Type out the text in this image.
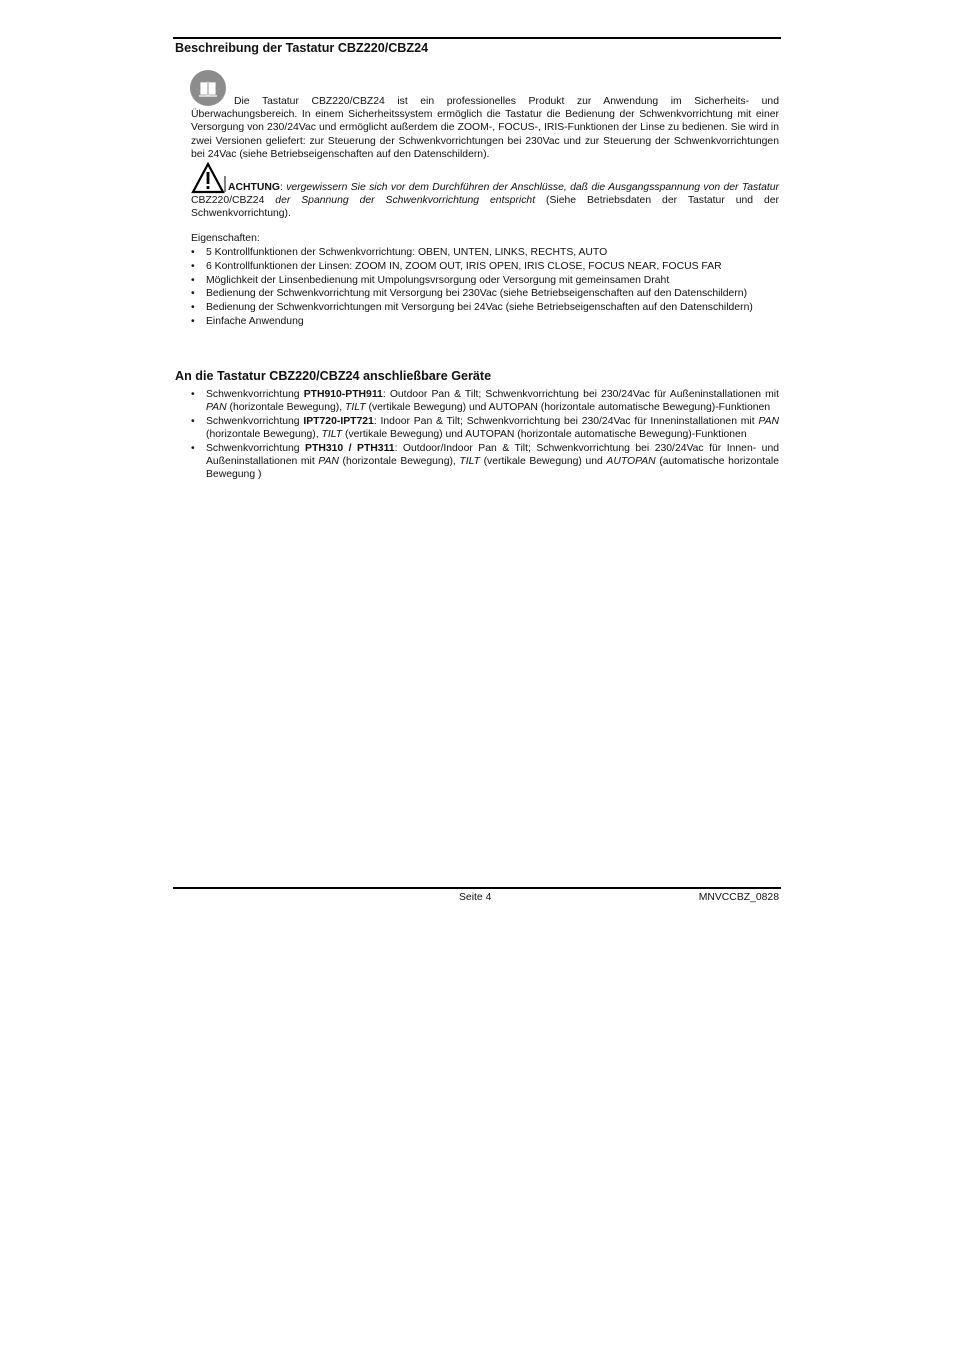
Beschreibung der Tastatur CBZ220/CBZ24

Die Tastatur CBZ220/CBZ24 ist ein professionelles Produkt zur Anwendung im Sicherheits- und Überwachungsbereich. In einem Sicherheitssystem ermöglich die Tastatur die Bedienung der Schwenkvorrichtung mit einer Versorgung von 230/24Vac und ermöglicht außerdem die ZOOM-, FOCUS-, IRIS-Funktionen der Linse zu bedienen. Sie wird in zwei Versionen geliefert: zur Steuerung der Schwenkvorrichtungen bei 230Vac und zur Steuerung der Schwenkvorrichtungen bei 24Vac (siehe Betriebseigenschaften auf den Datenschildern).

ACHTUNG: vergewissern Sie sich vor dem Durchführen der Anschlüsse, daß die Ausgangsspannung von der Tastatur CBZ220/CBZ24 der Spannung der Schwenkvorrichtung entspricht (Siehe Betriebsdaten der Tastatur und der Schwenkvorrichtung).

Eigenschaften:

• 5 Kontrollfunktionen der Schwenkvorrichtung: OBEN, UNTEN, LINKS, RECHTS, AUTO
• 6 Kontrollfunktionen der Linsen: ZOOM IN, ZOOM OUT, IRIS OPEN, IRIS CLOSE, FOCUS NEAR, FOCUS FAR
• Möglichkeit der Linsenbedienung mit Umpolungsvrsorgung oder Versorgung mit gemeinsamen Draht
• Bedienung der Schwenkvorrichtung mit Versorgung bei 230Vac (siehe Betriebseigenschaften auf den Datenschildern)
• Bedienung der Schwenkvorrichtungen mit Versorgung bei 24Vac (siehe Betriebseigenschaften auf den Datenschildern)
• Einfache Anwendung
An die Tastatur CBZ220/CBZ24 anschließbare Geräte
• Schwenkvorrichtung PTH910-PTH911: Outdoor Pan & Tilt; Schwenkvorrichtung bei 230/24Vac für Außeninstallationen mit PAN (horizontale Bewegung), TILT (vertikale Bewegung) und AUTOPAN (horizontale automatische Bewegung)-Funktionen
• Schwenkvorrichtung IPT720-IPT721: Indoor Pan & Tilt; Schwenkvorrichtung bei 230/24Vac für Inneninstallationen mit PAN (horizontale Bewegung), TILT (vertikale Bewegung) und AUTOPAN (horizontale automatische Bewegung)-Funktionen
• Schwenkvorrichtung PTH310 / PTH311: Outdoor/Indoor Pan & Tilt; Schwenkvorrichtung bei 230/24Vac für Innen- und Außeninstallationen mit PAN (horizontale Bewegung), TILT (vertikale Bewegung) und AUTOPAN (automatische horizontale Bewegung )

Seite 4	MNVCCBZ_0828
